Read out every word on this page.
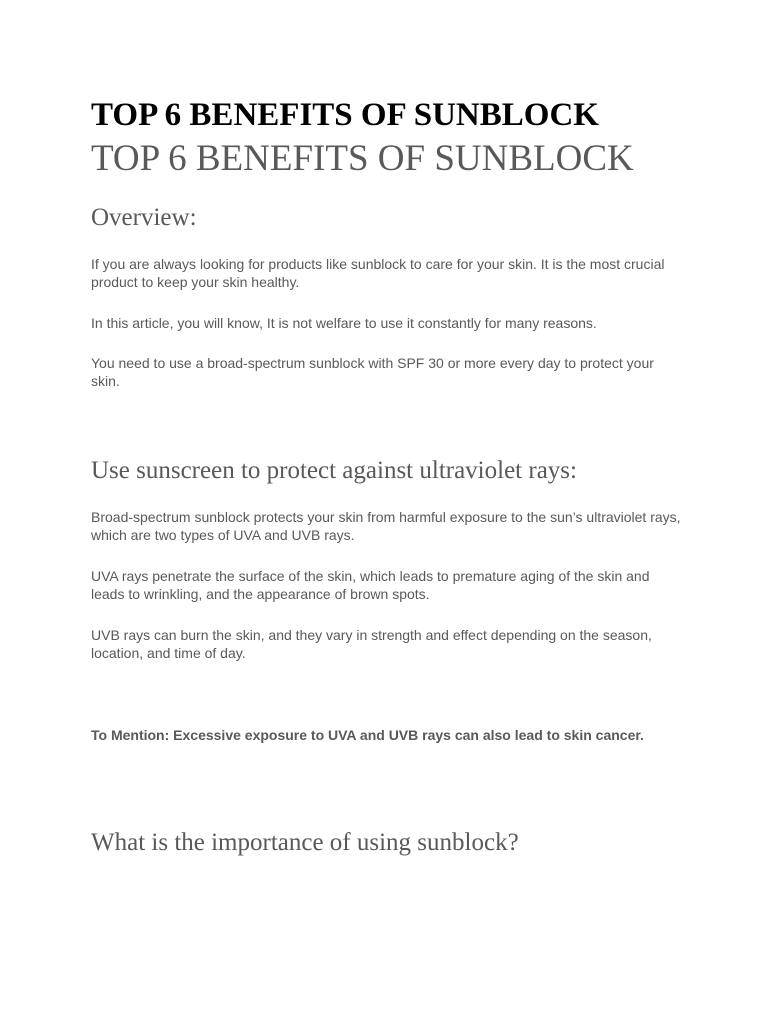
TOP 6 BENEFITS OF SUNBLOCK
TOP 6 BENEFITS OF SUNBLOCK
Overview:

If you are always looking for products like sunblock to care for your skin. It is the most crucial product to keep your skin healthy.

In this article, you will know, It is not welfare to use it constantly for many reasons.

You need to use a broad-spectrum sunblock with SPF 30 or more every day to protect your skin.

Use sunscreen to protect against ultraviolet rays:

Broad-spectrum sunblock protects your skin from harmful exposure to the sun’s ultraviolet rays, which are two types of UVA and UVB rays.

UVA rays penetrate the surface of the skin, which leads to premature aging of the skin and leads to wrinkling, and the appearance of brown spots.

UVB rays can burn the skin, and they vary in strength and effect depending on the season, location, and time of day.

To Mention: Excessive exposure to UVA and UVB rays can also lead to skin cancer.

What is the importance of using sunblock?
